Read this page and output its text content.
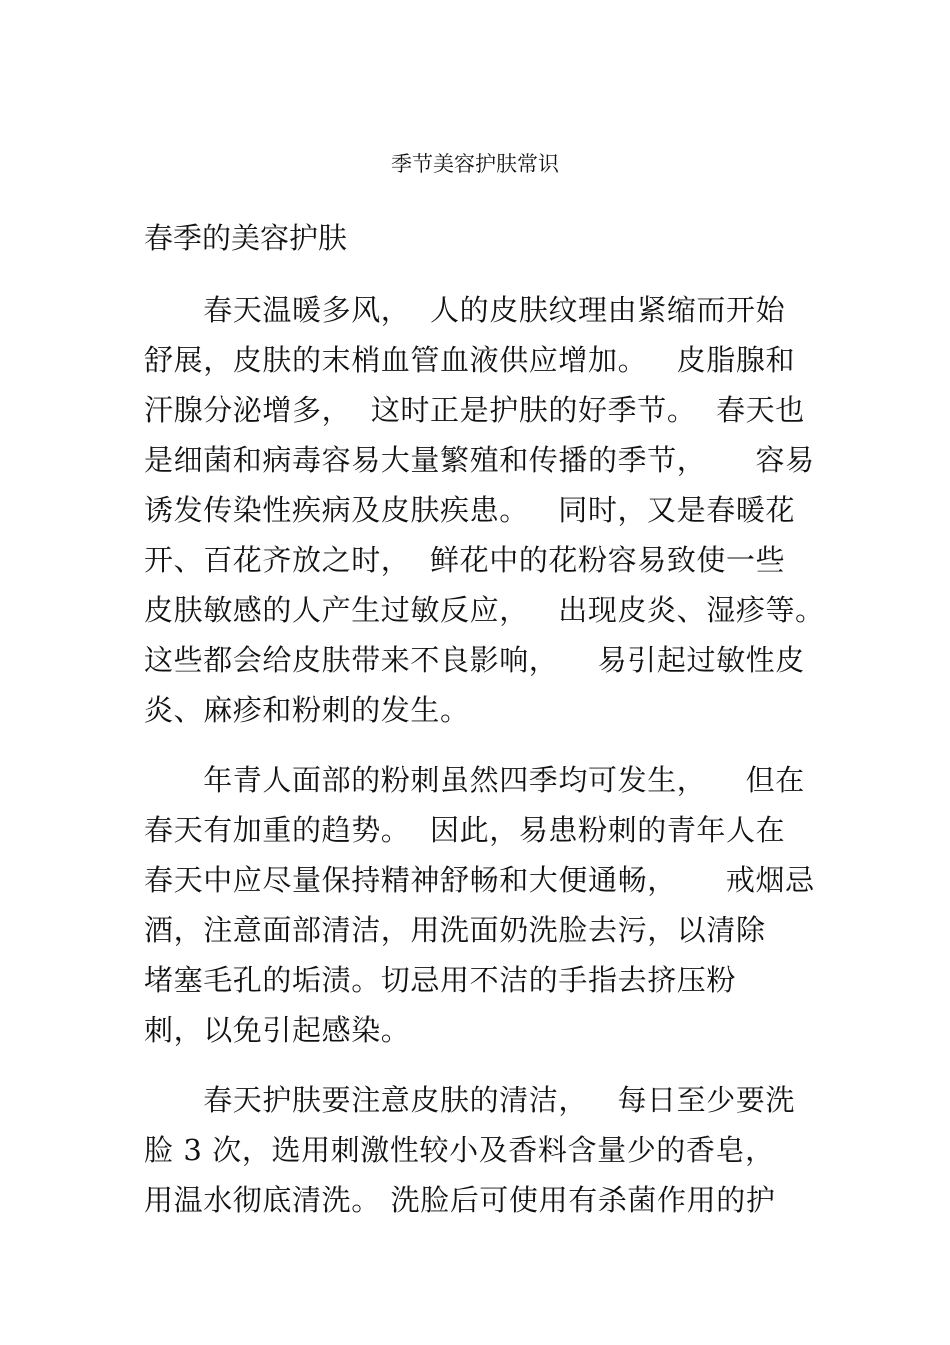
季节美容护肤常识
春季的美容护肤

　　春天温暖多风，  人的皮肤纹理由紧缩而开始
舒展，皮肤的末梢血管血液供应增加。   皮脂腺和
汗腺分泌增多，  这时正是护肤的好季节。  春天也
是细菌和病毒容易大量繁殖和传播的季节，     容易
诱发传染性疾病及皮肤疾患。   同时，又是春暖花
开、百花齐放之时，  鲜花中的花粉容易致使一些
皮肤敏感的人产生过敏反应，   出现皮炎、湿疹等。
这些都会给皮肤带来不良影响，    易引起过敏性皮
炎、麻疹和粉刺的发生。

　　年青人面部的粉刺虽然四季均可发生，    但在
春天有加重的趋势。  因此，易患粉刺的青年人在
春天中应尽量保持精神舒畅和大便通畅，     戒烟忌
酒，注意面部清洁，用洗面奶洗脸去污，以清除
堵塞毛孔的垢渍。切忌用不洁的手指去挤压粉
刺，以免引起感染。

　　春天护肤要注意皮肤的清洁，   每日至少要洗
脸 3 次，选用刺激性较小及香料含量少的香皂，
用温水彻底清洗。 洗脸后可使用有杀菌作用的护
